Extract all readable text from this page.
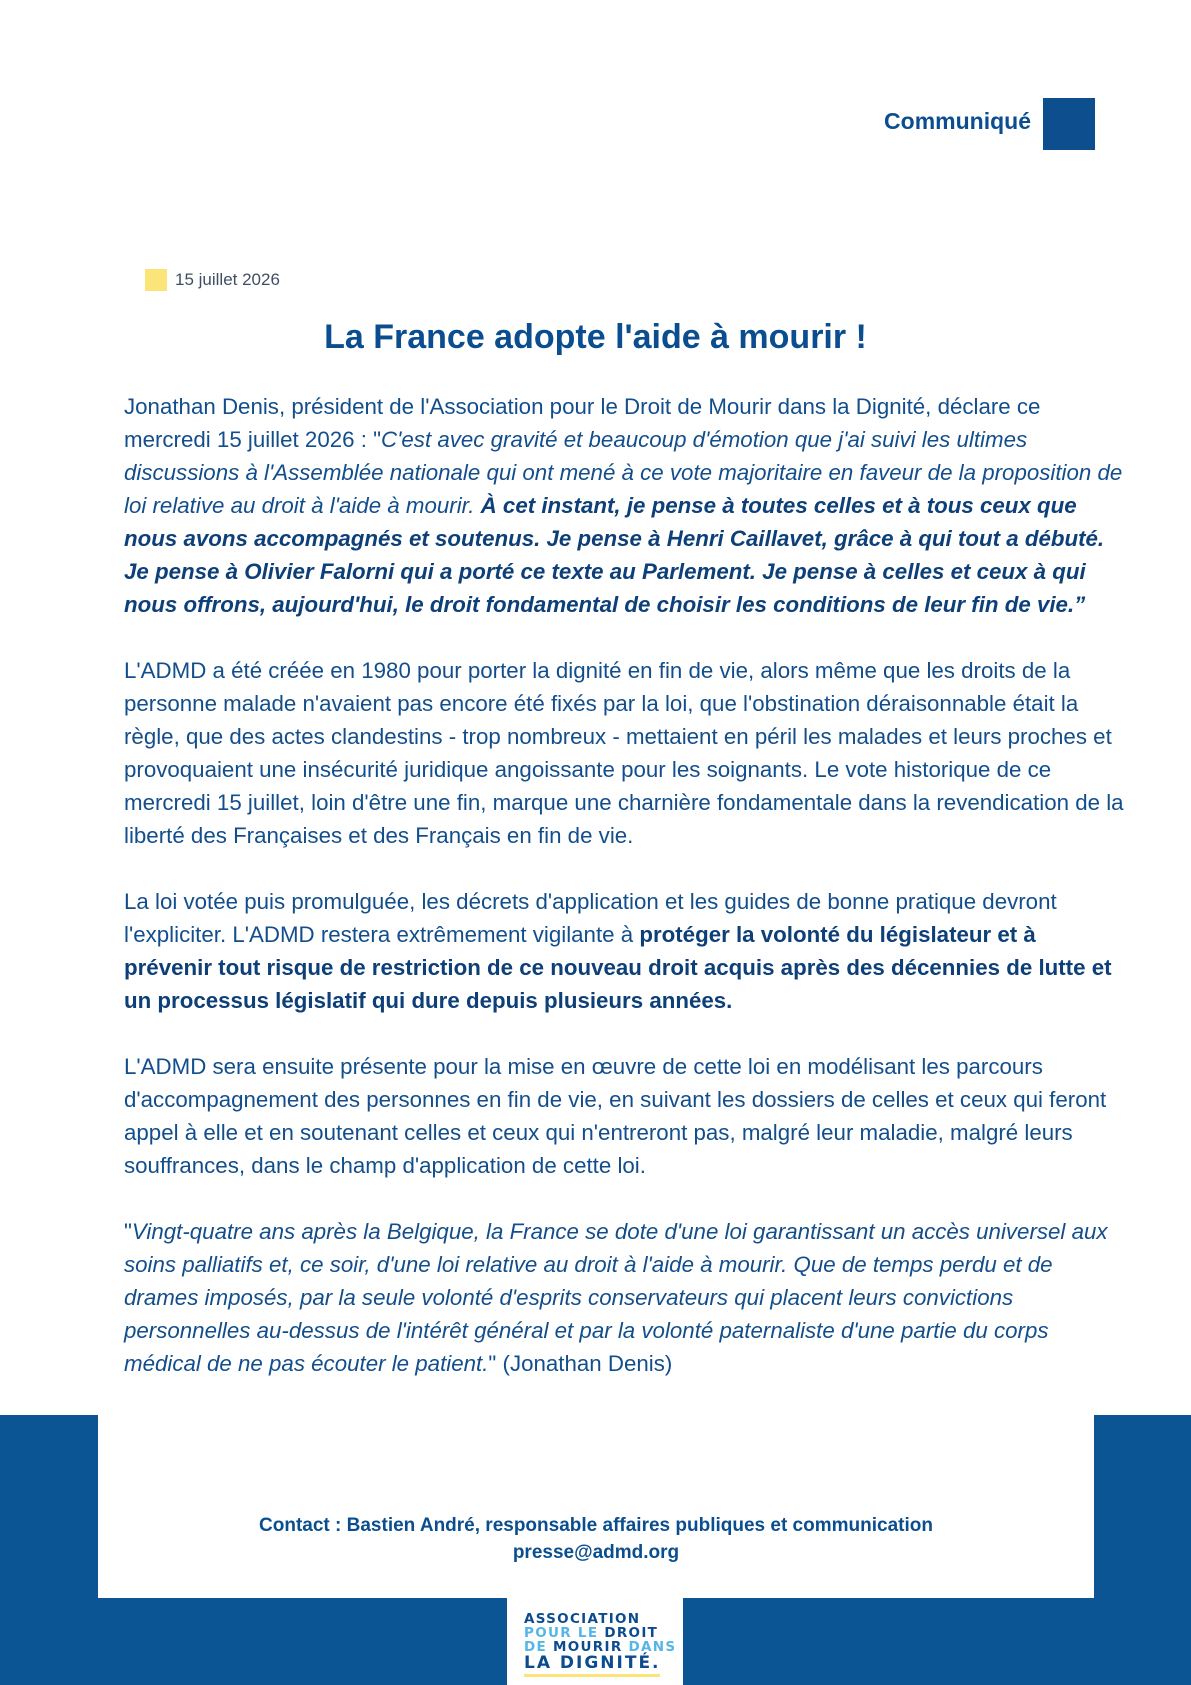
Communiqué
15 juillet 2026
La France adopte l'aide à mourir !

Jonathan Denis, président de l'Association pour le Droit de Mourir dans la Dignité, déclare ce mercredi 15 juillet 2026 : "C'est avec gravité et beaucoup d'émotion que j'ai suivi les ultimes discussions à l'Assemblée nationale qui ont mené à ce vote majoritaire en faveur de la proposition de loi relative au droit à l'aide à mourir. À cet instant, je pense à toutes celles et à tous ceux que nous avons accompagnés et soutenus. Je pense à Henri Caillavet, grâce à qui tout a débuté. Je pense à Olivier Falorni qui a porté ce texte au Parlement. Je pense à celles et ceux à qui nous offrons, aujourd'hui, le droit fondamental de choisir les conditions de leur fin de vie.”

L'ADMD a été créée en 1980 pour porter la dignité en fin de vie, alors même que les droits de la personne malade n'avaient pas encore été fixés par la loi, que l'obstination déraisonnable était la règle, que des actes clandestins - trop nombreux - mettaient en péril les malades et leurs proches et provoquaient une insécurité juridique angoissante pour les soignants. Le vote historique de ce mercredi 15 juillet, loin d'être une fin, marque une charnière fondamentale dans la revendication de la liberté des Françaises et des Français en fin de vie.

La loi votée puis promulguée, les décrets d'application et les guides de bonne pratique devront l'expliciter. L'ADMD restera extrêmement vigilante à protéger la volonté du législateur et à prévenir tout risque de restriction de ce nouveau droit acquis après des décennies de lutte et un processus législatif qui dure depuis plusieurs années.

L'ADMD sera ensuite présente pour la mise en œuvre de cette loi en modélisant les parcours d'accompagnement des personnes en fin de vie, en suivant les dossiers de celles et ceux qui feront appel à elle et en soutenant celles et ceux qui n'entreront pas, malgré leur maladie, malgré leurs souffrances, dans le champ d'application de cette loi.

"Vingt-quatre ans après la Belgique, la France se dote d'une loi garantissant un accès universel aux soins palliatifs et, ce soir, d'une loi relative au droit à l'aide à mourir. Que de temps perdu et de drames imposés, par la seule volonté d'esprits conservateurs qui placent leurs convictions personnelles au-dessus de l'intérêt général et par la volonté paternaliste d'une partie du corps médical de ne pas écouter le patient." (Jonathan Denis)

Contact : Bastien André, responsable affaires publiques et communication
presse@admd.org
ASSOCIATION
POUR LE DROIT
DE MOURIR DANS
LA DIGNITÉ.
